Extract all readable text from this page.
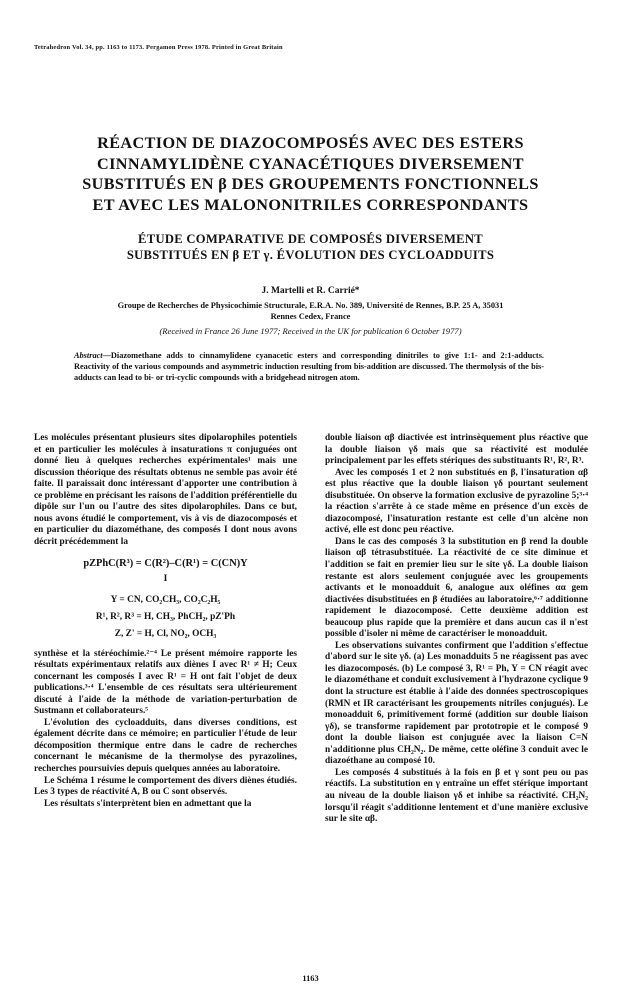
Tetrahedron Vol. 34, pp. 1163 to 1173. Pergamon Press 1978. Printed in Great Britain
RÉACTION DE DIAZOCOMPOSÉS AVEC DES ESTERS
CINNAMYLIDÈNE CYANACÉTIQUES DIVERSEMENT
SUBSTITUÉS EN β DES GROUPEMENTS FONCTIONNELS
ET AVEC LES MALONONITRILES CORRESPONDANTS
ÉTUDE COMPARATIVE DE COMPOSÉS DIVERSEMENT
SUBSTITUÉS EN β ET γ. ÉVOLUTION DES CYCLOADDUITS
J. Martelli et R. Carrié*
Groupe de Recherches de Physicochimie Structurale, E.R.A. No. 389, Université de Rennes, B.P. 25 A, 35031
Rennes Cedex, France
(Received in France 26 June 1977; Received in the UK for publication 6 October 1977)
Abstract—Diazomethane adds to cinnamylidene cyanacetic esters and corresponding dinitriles to give 1:1- and 2:1-adducts. Reactivity of the various compounds and asymmetric induction resulting from bis-addition are discussed. The thermolysis of the bis-adducts can lead to bi- or tri-cyclic compounds with a bridgehead nitrogen atom.

Les molécules présentant plusieurs sites dipolarophiles potentiels et en particulier les molécules à insaturations π conjuguées ont donné lieu à quelques recherches expérimentales¹ mais une discussion théorique des résultats obtenus ne semble pas avoir été faite. Il paraissait donc intéressant d'apporter une contribution à ce problème en précisant les raisons de l'addition préférentielle du dipôle sur l'un ou l'autre des sites dipolarophiles. Dans ce but, nous avons étudié le comportement, vis à vis de diazocomposés et en particulier du diazométhane, des composés I dont nous avons décrit précédemment la

pZPhC(R³) = C(R²)–C(R¹) = C(CN)Y
I
Y = CN, CO₂CH₃, CO₂C₂H₅
R¹, R², R³ = H, CH₃, PhCH₂, pZ'Ph
Z, Z' = H, Cl, NO₂, OCH₃

synthèse et la stéréochimie.²⁻⁴ Le présent mémoire rapporte les résultats expérimentaux relatifs aux diènes I avec R¹ ≠ H; Ceux concernant les composés I avec R¹ = H ont fait l'objet de deux publications.³·⁴ L'ensemble de ces résultats sera ultérieurement discuté à l'aide de la méthode de variation-perturbation de Sustmann et collaborateurs.⁵

L'évolution des cycloadduits, dans diverses conditions, est également décrite dans ce mémoire; en particulier l'étude de leur décomposition thermique entre dans le cadre de recherches concernant le mécanisme de la thermolyse des pyrazolines, recherches poursuivies depuis quelques années au laboratoire.

Le Schéma 1 résume le comportement des divers diènes étudiés. Les 3 types de réactivité A, B ou C sont observés.

Les résultats s'interprètent bien en admettant que la

double liaison αβ diactivée est intrinsèquement plus réactive que la double liaison γδ mais que sa réactivité est modulée principalement par les effets stériques des substituants R¹, R², R³.

Avec les composés 1 et 2 non substitués en β, l'insaturation αβ est plus réactive que la double liaison γδ pourtant seulement disubstituée. On observe la formation exclusive de pyrazoline 5;³·⁴ la réaction s'arrête à ce stade même en présence d'un excès de diazocomposé, l'insaturation restante est celle d'un alcène non activé, elle est donc peu réactive.

Dans le cas des composés 3 la substitution en β rend la double liaison αβ tétrasubstituée. La réactivité de ce site diminue et l'addition se fait en premier lieu sur le site γδ. La double liaison restante est alors seulement conjuguée avec les groupements activants et le monoadduit 6, analogue aux oléfines αα gem diactivées disubstituées en β étudiées au laboratoire,⁶·⁷ additionne rapidement le diazocomposé. Cette deuxième addition est beaucoup plus rapide que la première et dans aucun cas il n'est possible d'isoler ni même de caractériser le monoadduit.

Les observations suivantes confirment que l'addition s'effectue d'abord sur le site γδ. (a) Les monadduits 5 ne réagissent pas avec les diazocomposés. (b) Le composé 3, R¹ = Ph, Y = CN réagit avec le diazométhane et conduit exclusivement à l'hydrazone cyclique 9 dont la structure est établie à l'aide des données spectroscopiques (RMN et IR caractérisant les groupements nitriles conjugués). Le monoadduit 6, primitivement formé (addition sur double liaison γδ), se transforme rapidement par prototropie et le composé 9 dont la double liaison est conjuguée avec la liaison C=N n'additionne plus CH₂N₂. De même, cette oléfine 3 conduit avec le diazoéthane au composé 10.

Les composés 4 substitués à la fois en β et γ sont peu ou pas réactifs. La substitution en γ entraîne un effet stérique important au niveau de la double liaison γδ et inhibe sa réactivité. CH₂N₂ lorsqu'il réagit s'additionne lentement et d'une manière exclusive sur le site αβ.

1163
